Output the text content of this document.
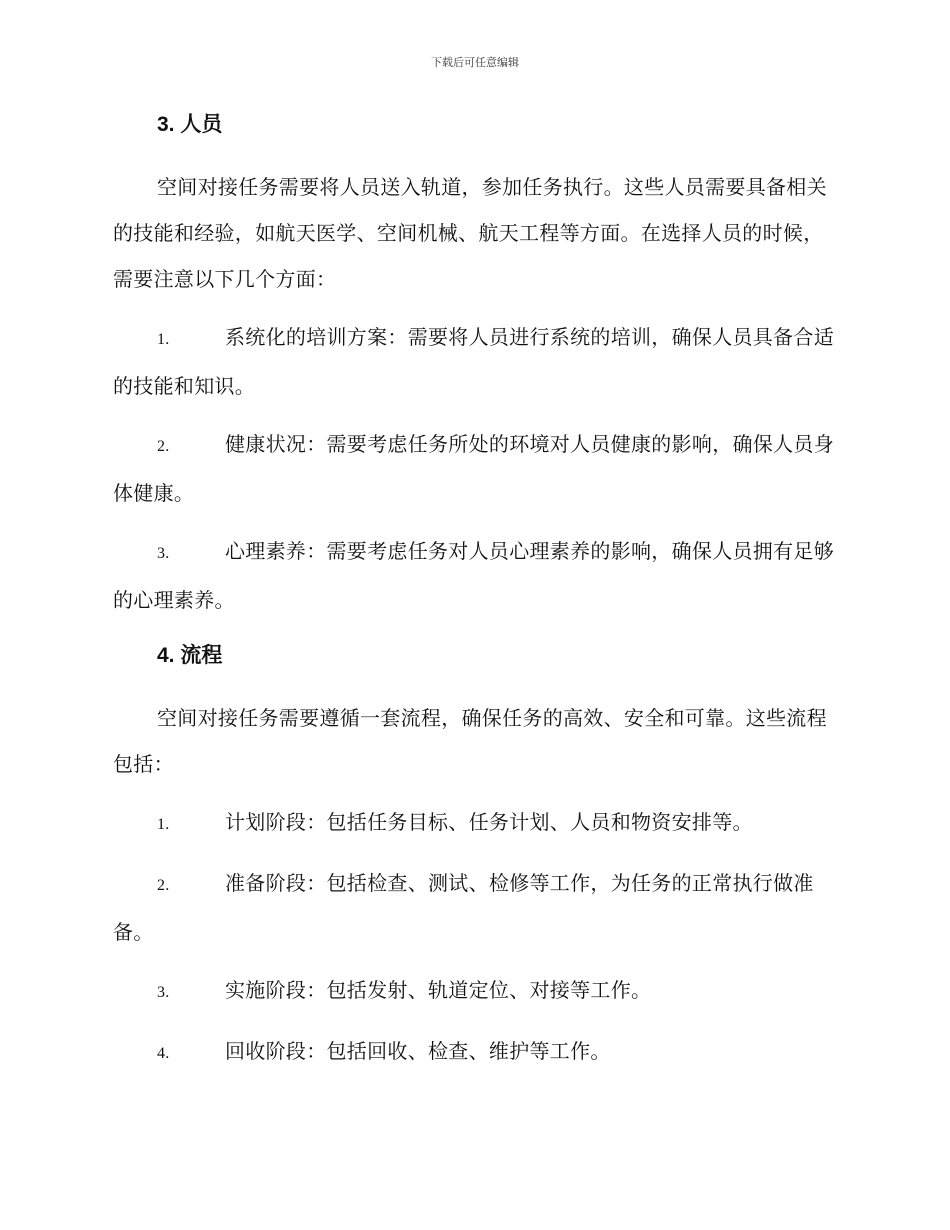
下载后可任意编辑
3. 人员

空间对接任务需要将人员送入轨道，参加任务执行。这些人员需要具备相关的技能和经验，如航天医学、空间机械、航天工程等方面。在选择人员的时候，需要注意以下几个方面：

1.	系统化的培训方案：需要将人员进行系统的培训，确保人员具备合适的技能和知识。
2.	健康状况：需要考虑任务所处的环境对人员健康的影响，确保人员身体健康。
3.	心理素养：需要考虑任务对人员心理素养的影响，确保人员拥有足够的心理素养。
4. 流程

空间对接任务需要遵循一套流程，确保任务的高效、安全和可靠。这些流程包括：

1.	计划阶段：包括任务目标、任务计划、人员和物资安排等。
2.	准备阶段：包括检查、测试、检修等工作，为任务的正常执行做准备。
3.	实施阶段：包括发射、轨道定位、对接等工作。
4.	回收阶段：包括回收、检查、维护等工作。
